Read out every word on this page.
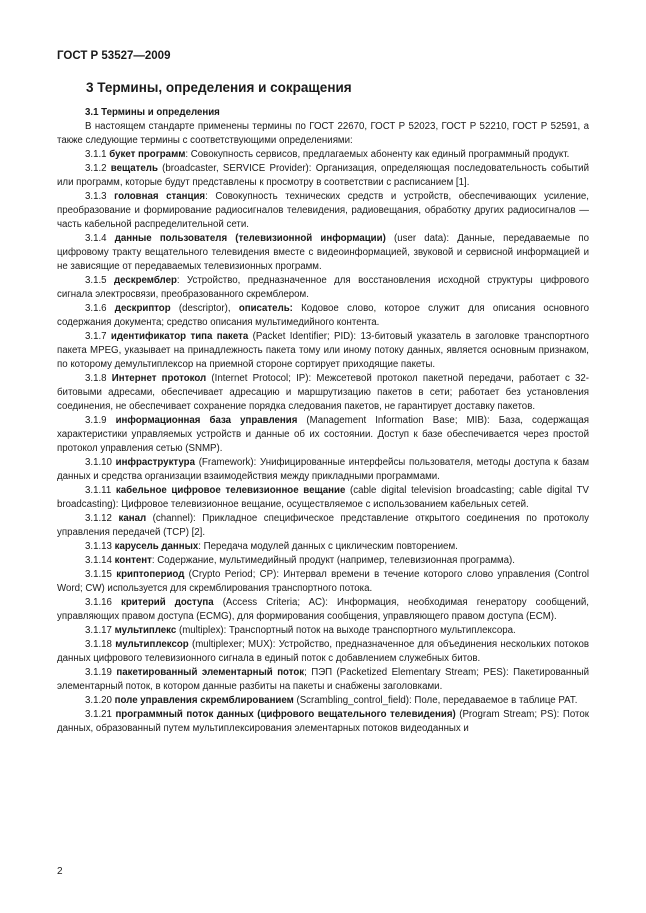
ГОСТ Р 53527—2009
3 Термины, определения и сокращения

3.1 Термины и определения

В настоящем стандарте применены термины по ГОСТ 22670, ГОСТ Р 52023, ГОСТ Р 52210, ГОСТ Р 52591, а также следующие термины с соответствующими определениями:

3.1.1 букет программ: Совокупность сервисов, предлагаемых абоненту как единый программный продукт.

3.1.2 вещатель (broadcaster, SERVICE Provider): Организация, определяющая последовательность событий или программ, которые будут представлены к просмотру в соответствии с расписанием [1].

3.1.3 головная станция: Совокупность технических средств и устройств, обеспечивающих усиление, преобразование и формирование радиосигналов телевидения, радиовещания, обработку других радиосигналов — часть кабельной распределительной сети.

3.1.4 данные пользователя (телевизионной информации) (user data): Данные, передаваемые по цифровому тракту вещательного телевидения вместе с видеоинформацией, звуковой и сервисной информацией и не зависящие от передаваемых телевизионных программ.

3.1.5 дескремблер: Устройство, предназначенное для восстановления исходной структуры цифрового сигнала электросвязи, преобразованного скремблером.

3.1.6 дескриптор (descriptor), описатель: Кодовое слово, которое служит для описания основного содержания документа; средство описания мультимедийного контента.

3.1.7 идентификатор типа пакета (Packet Identifier; PID): 13-битовый указатель в заголовке транспортного пакета MPEG, указывает на принадлежность пакета тому или иному потоку данных, является основным признаком, по которому демультиплексор на приемной стороне сортирует приходящие пакеты.

3.1.8 Интернет протокол (Internet Protocol; IP): Межсетевой протокол пакетной передачи, работает с 32-битовыми адресами, обеспечивает адресацию и маршрутизацию пакетов в сети; работает без установления соединения, не обеспечивает сохранение порядка следования пакетов, не гарантирует доставку пакетов.

3.1.9 информационная база управления (Management Information Base; MIB): База, содержащая характеристики управляемых устройств и данные об их состоянии. Доступ к базе обеспечивается через простой протокол управления сетью (SNMP).

3.1.10 инфраструктура (Framework): Унифицированные интерфейсы пользователя, методы доступа к базам данных и средства организации взаимодействия между прикладными программами.

3.1.11 кабельное цифровое телевизионное вещание (cable digital television broadcasting; cable digital TV broadcasting): Цифровое телевизионное вещание, осуществляемое с использованием кабельных сетей.

3.1.12 канал (channel): Прикладное специфическое представление открытого соединения по протоколу управления передачей (TCP) [2].

3.1.13 карусель данных: Передача модулей данных с циклическим повторением.

3.1.14 контент: Содержание, мультимедийный продукт (например, телевизионная программа).

3.1.15 криптопериод (Crypto Period; CP): Интервал времени в течение которого слово управления (Control Word; CW) используется для скремблирования транспортного потока.

3.1.16 критерий доступа (Access Criteria; AC): Информация, необходимая генератору сообщений, управляющих правом доступа (ECMG), для формирования сообщения, управляющего правом доступа (ECM).

3.1.17 мультиплекс (multiplex): Транспортный поток на выходе транспортного мультиплексора.

3.1.18 мультиплексор (multiplexer; MUX): Устройство, предназначенное для объединения нескольких потоков данных цифрового телевизионного сигнала в единый поток с добавлением служебных битов.

3.1.19 пакетированный элементарный поток; ПЭП (Packetized Elementary Stream; PES): Пакетированный элементарный поток, в котором данные разбиты на пакеты и снабжены заголовками.

3.1.20 поле управления скремблированием (Scrambling_control_field): Поле, передаваемое в таблице PAT.

3.1.21 программный поток данных (цифрового вещательного телевидения) (Program Stream; PS): Поток данных, образованный путем мультиплексирования элементарных потоков видеоданных и

2
